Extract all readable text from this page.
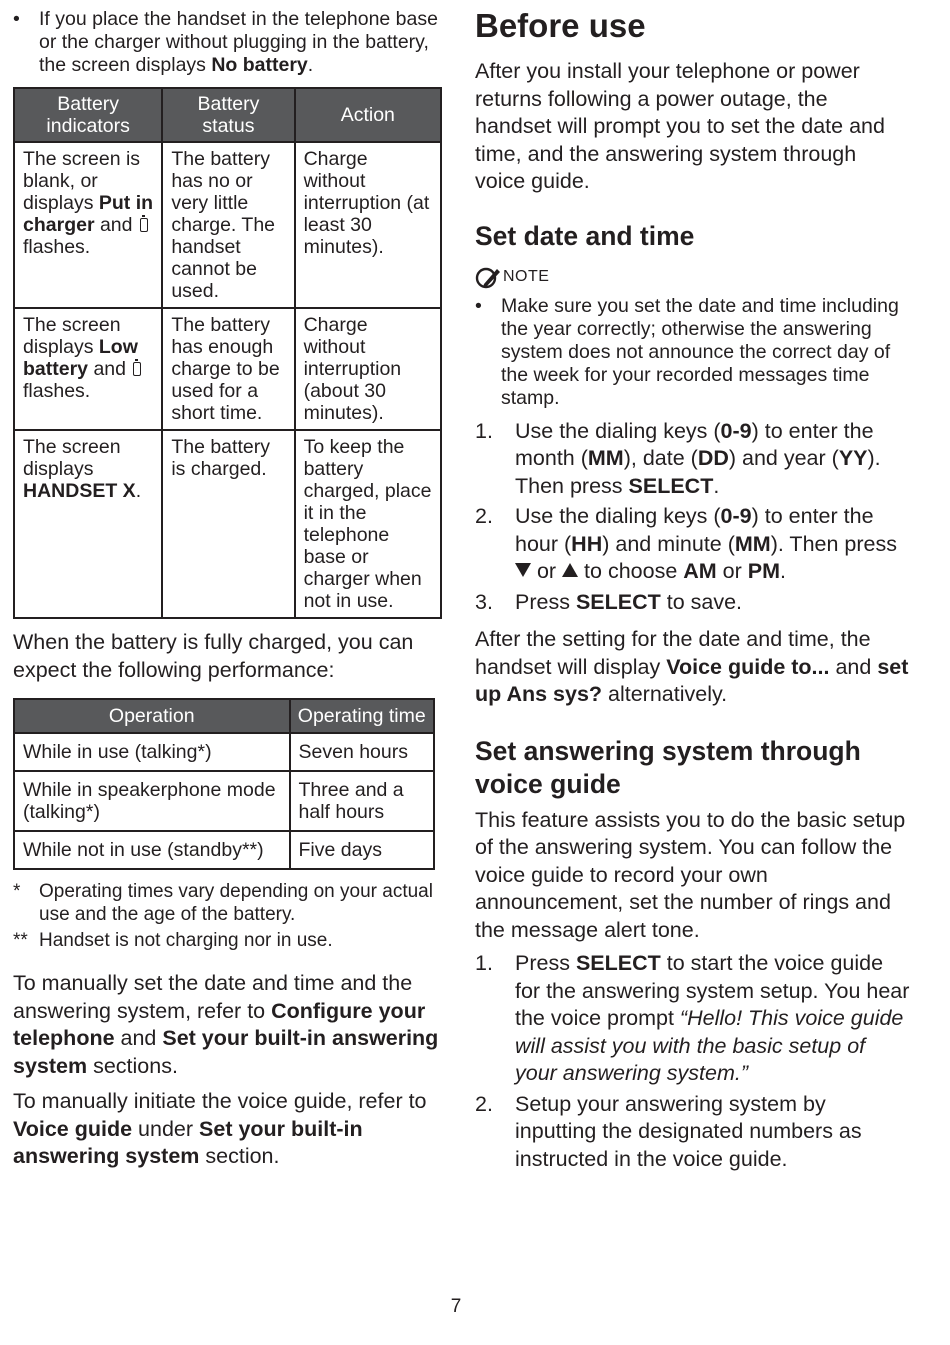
• If you place the handset in the telephone base or the charger without plugging in the battery, the screen displays No battery.
Battery indicators	Battery status	Action
The screen is blank, or displays Put in charger and  flashes.	The battery has no or very little charge. The handset cannot be used.	Charge without interruption (at least 30 minutes).
The screen displays Low battery and  flashes.	The battery has enough charge to be used for a short time.	Charge without interruption (about 30 minutes).
The screen displays HANDSET X.	The battery is charged.	To keep the battery charged, place it in the telephone base or charger when not in use.

When the battery is fully charged, you can expect the following performance:

Operation	Operating time
While in use (talking*)	Seven hours
While in speakerphone mode (talking*)	Three and a half hours
While not in use (standby**)	Five days
* Operating times vary depending on your actual use and the age of the battery.
** Handset is not charging nor in use.

To manually set the date and time and the answering system, refer to Configure your telephone and Set your built-in answering system sections.

To manually initiate the voice guide, refer to Voice guide under Set your built-in answering system section.

Before use

After you install your telephone or power returns following a power outage, the handset will prompt you to set the date and time, and the answering system through voice guide.

Set date and time
NOTE
• Make sure you set the date and time including the year correctly; otherwise the answering system does not announce the correct day of the week for your recorded messages time stamp.
1. Use the dialing keys (0-9) to enter the month (MM), date (DD) and year (YY). Then press SELECT.
2. Use the dialing keys (0-9) to enter the hour (HH) and minute (MM). Then press  or  to choose AM or PM.
3. Press SELECT to save.

After the setting for the date and time, the handset will display Voice guide to... and set up Ans sys? alternatively.

Set answering system through voice guide

This feature assists you to do the basic setup of the answering system. You can follow the voice guide to record your own announcement, set the number of rings and the message alert tone.

1. Press SELECT to start the voice guide for the answering system setup. You hear the voice prompt “Hello! This voice guide will assist you with the basic setup of your answering system.”
2. Setup your answering system by inputting the designated numbers as instructed in the voice guide.
7
